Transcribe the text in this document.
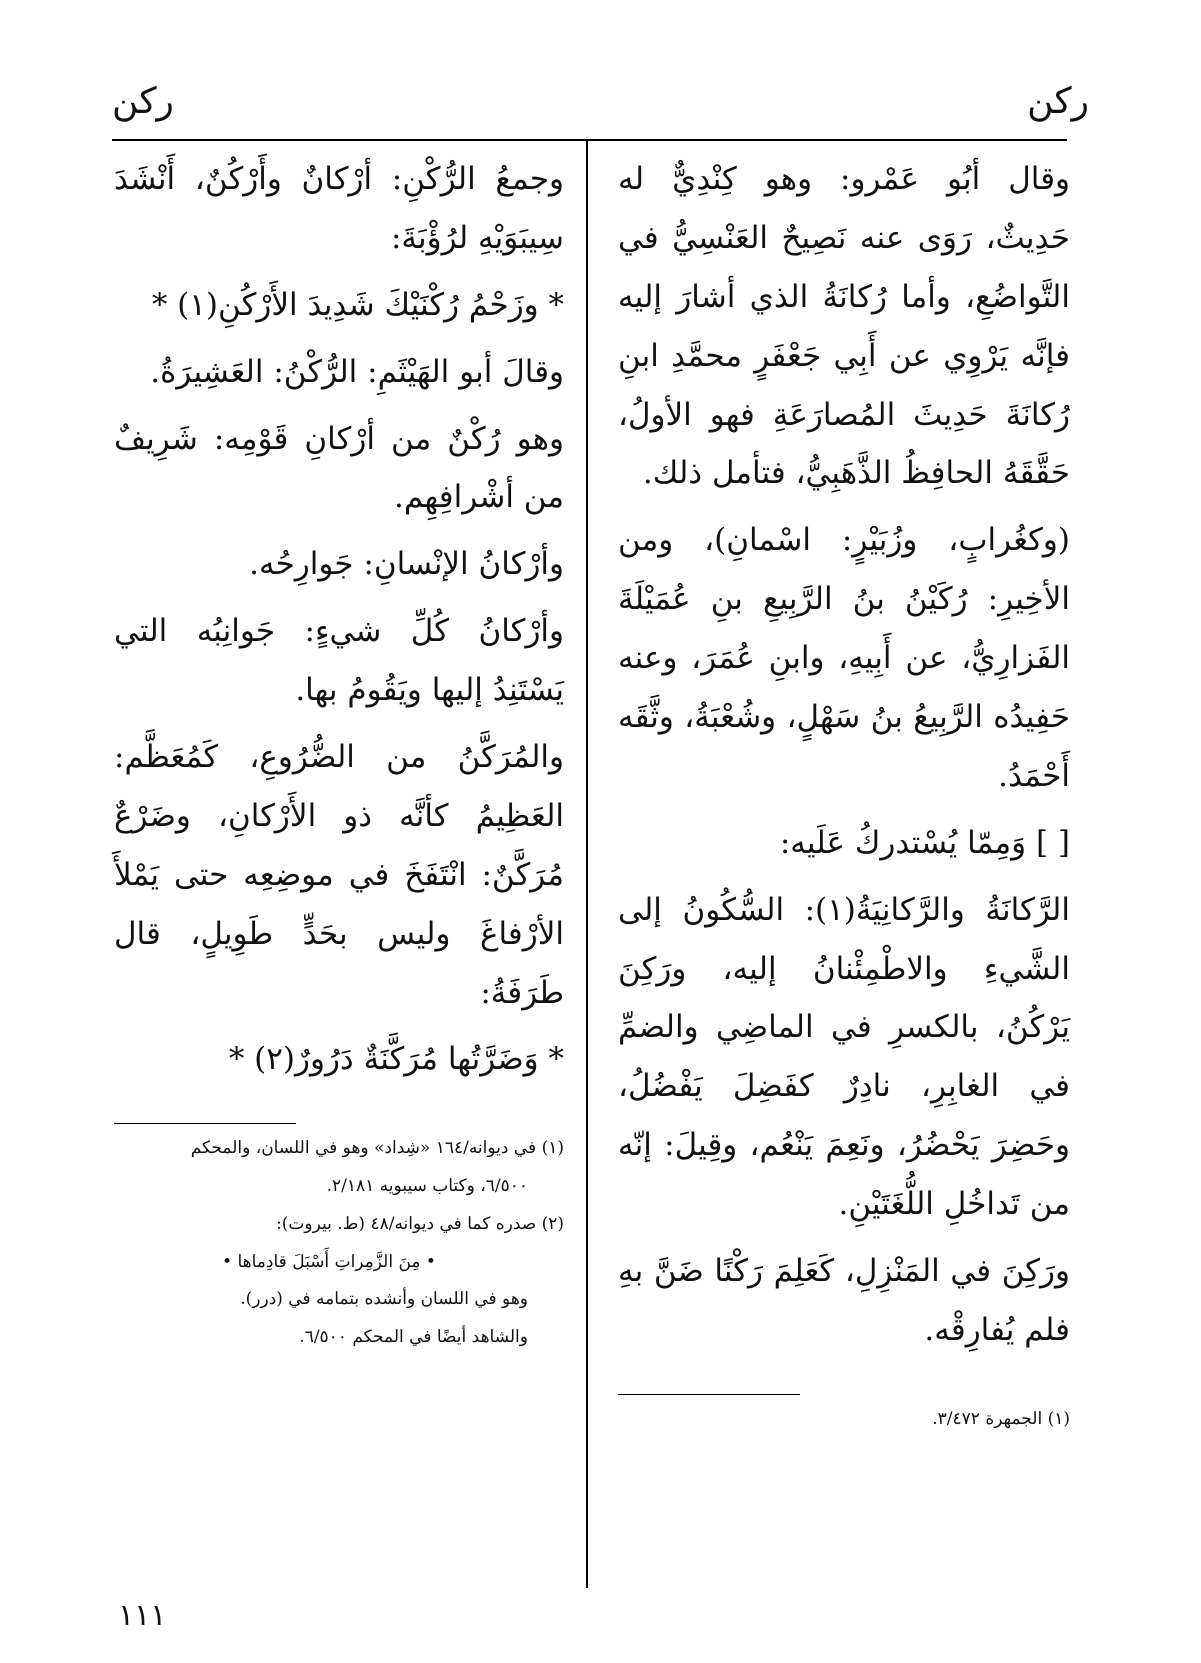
ركن
ركن

وقال أبُو عَمْرو: وهو كِنْدِيٌّ له حَدِيثٌ، رَوَى عنه نَصِيحٌ العَنْسِيُّ في التَّواضُعِ، وأما رُكانَةُ الذي أشارَ إليه فإنَّه يَرْوِي عن أَبِي جَعْفَرٍ محمَّدِ ابنِ رُكانَةَ حَدِيثَ المُصارَعَةِ فهو الأولُ، حَقَّقَهُ الحافِظُ الذَّهَبِيُّ، فتأمل ذلك.

(وكغُرابٍ، وزُبَيْرٍ: اسْمانِ)، ومن الأخِيرِ: رُكَيْنُ بنُ الرَّبِيعِ بنِ عُمَيْلَةَ الفَزارِيُّ، عن أَبِيهِ، وابنِ عُمَرَ، وعنه حَفِيدُه الرَّبِيعُ بنُ سَهْلٍ، وشُعْبَةُ، وثَّقَه أَحْمَدُ.

[ ] وَمِمّا يُسْتدركُ عَلَيه:

الرَّكانَةُ والرَّكانِيَةُ(١): السُّكُونُ إلى الشَّيءِ والاطْمِئْنانُ إليه، ورَكِنَ يَرْكُنُ، بالكسرِ في الماضِي والضمِّ في الغابِرِ، نادِرٌ كفَضِلَ يَفْضُلُ، وحَضِرَ يَحْضُرُ، ونَعِمَ يَنْعُم، وقِيلَ: إنّه من تَداخُلِ اللُّغَتَيْنِ.

ورَكِنَ في المَنْزِلِ، كَعَلِمَ رَكْنًا ضَنَّ بهِ فلم يُفارِقْه.

(١) الجمهرة ٣/٤٧٢.

وجمعُ الرُّكْنِ: أرْكانٌ وأَرْكُنٌ، أَنْشَدَ سِيبَوَيْهِ لرُؤْبَةَ:

* وزَحْمُ رُكْنَيْكَ شَدِيدَ الأَرْكُنِ(١) *

وقالَ أبو الهَيْثَمِ: الرُّكْنُ: العَشِيرَةُ.

وهو رُكْنٌ من أرْكانِ قَوْمِه: شَرِيفٌ من أشْرافِهِم.

وأرْكانُ الإنْسانِ: جَوارِحُه.

وأرْكانُ كُلِّ شيءٍ: جَوانِبُه التي يَسْتَنِدُ إليها ويَقُومُ بها.

والمُرَكَّنُ من الضُّرُوعِ، كَمُعَظَّم: العَظِيمُ كأنَّه ذو الأَرْكانِ، وضَرْعٌ مُرَكَّنٌ: انْتَفَخَ في موضِعِه حتى يَمْلأَ الأرْفاغَ وليس بحَدٍّ طَوِيلٍ، قال طَرَفَةُ:

* وَضَرَّتُها مُرَكَّنَةٌ دَرُورٌ(٢) *

(١) في ديوانه/١٦٤ «شِداد» وهو في اللسان، والمحكم

٦/٥٠٠، وكتاب سيبويه ٢/١٨١.

(٢) صدره كما في ديوانه/٤٨ (ط. بيروت):

• مِنَ الزَّمِراتِ أَسْبَلَ قادِماها •

وهو في اللسان وأنشده بتمامه في (درر).

والشاهد أيضًا في المحكم ٦/٥٠٠.

١١١
